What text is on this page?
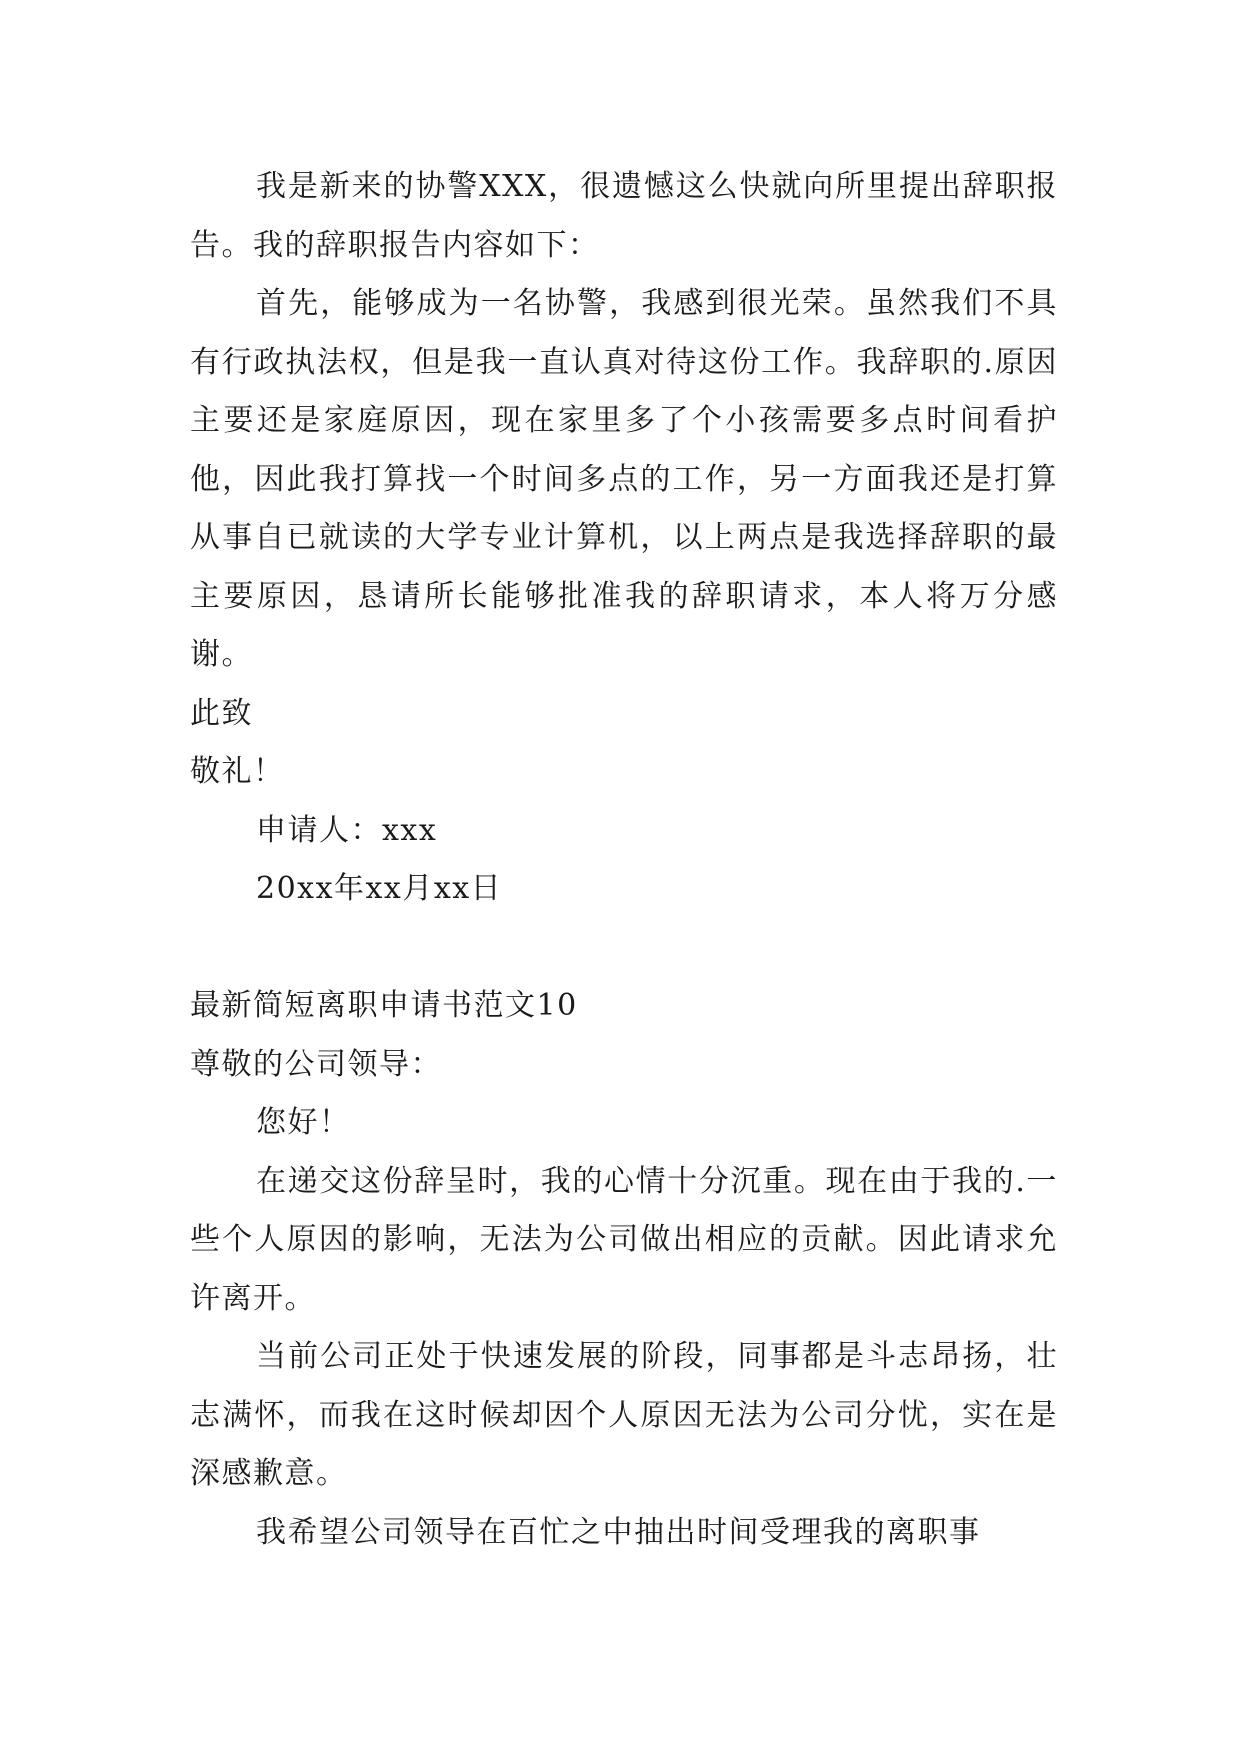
我是新来的协警XXX，很遗憾这么快就向所里提出辞职报告。我的辞职报告内容如下：

首先，能够成为一名协警，我感到很光荣。虽然我们不具有行政执法权，但是我一直认真对待这份工作。我辞职的.原因主要还是家庭原因，现在家里多了个小孩需要多点时间看护他，因此我打算找一个时间多点的工作，另一方面我还是打算从事自已就读的大学专业计算机，以上两点是我选择辞职的最主要原因，恳请所长能够批准我的辞职请求，本人将万分感谢。

此致

敬礼！

申请人：xxx

20xx年xx月xx日

最新简短离职申请书范文10

尊敬的公司领导：

您好！

在递交这份辞呈时，我的心情十分沉重。现在由于我的.一些个人原因的影响，无法为公司做出相应的贡献。因此请求允许离开。

当前公司正处于快速发展的阶段，同事都是斗志昂扬，壮志满怀，而我在这时候却因个人原因无法为公司分忧，实在是深感歉意。

我希望公司领导在百忙之中抽出时间受理我的离职事
